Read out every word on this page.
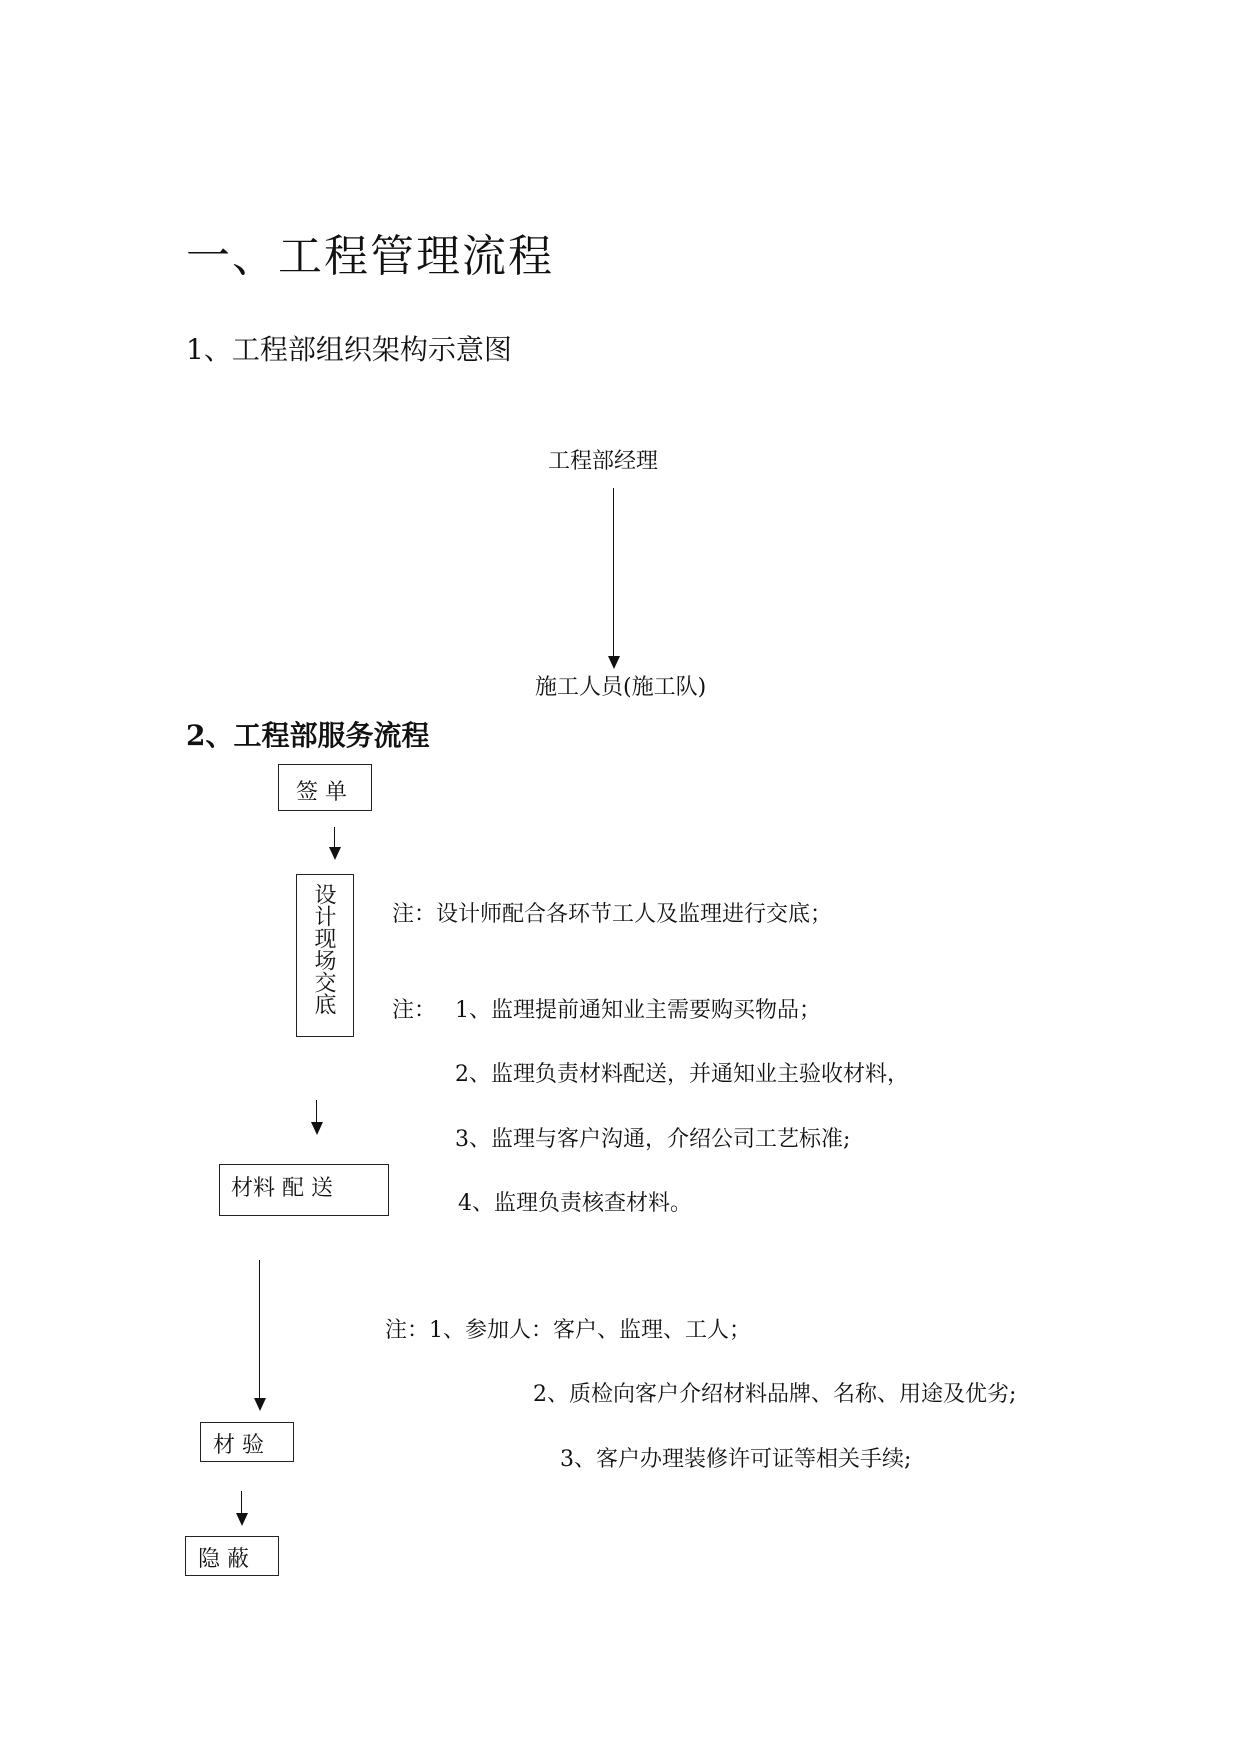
一、工程管理流程
1、工程部组织架构示意图
工程部经理
施工人员(施工队)
2、工程部服务流程
签 单
设计现场交底	注：设计师配合各环节工人及监理进行交底；
注： 1、监理提前通知业主需要购买物品；
2、监理负责材料配送，并通知业主验收材料，
3、监理与客户沟通，介绍公司工艺标准;
4、监理负责核查材料。
材料 配 送
注：1、参加人：客户、监理、工人；
2、质检向客户介绍材料品牌、名称、用途及优劣;
3、客户办理装修许可证等相关手续;
材 验
隐 蔽
